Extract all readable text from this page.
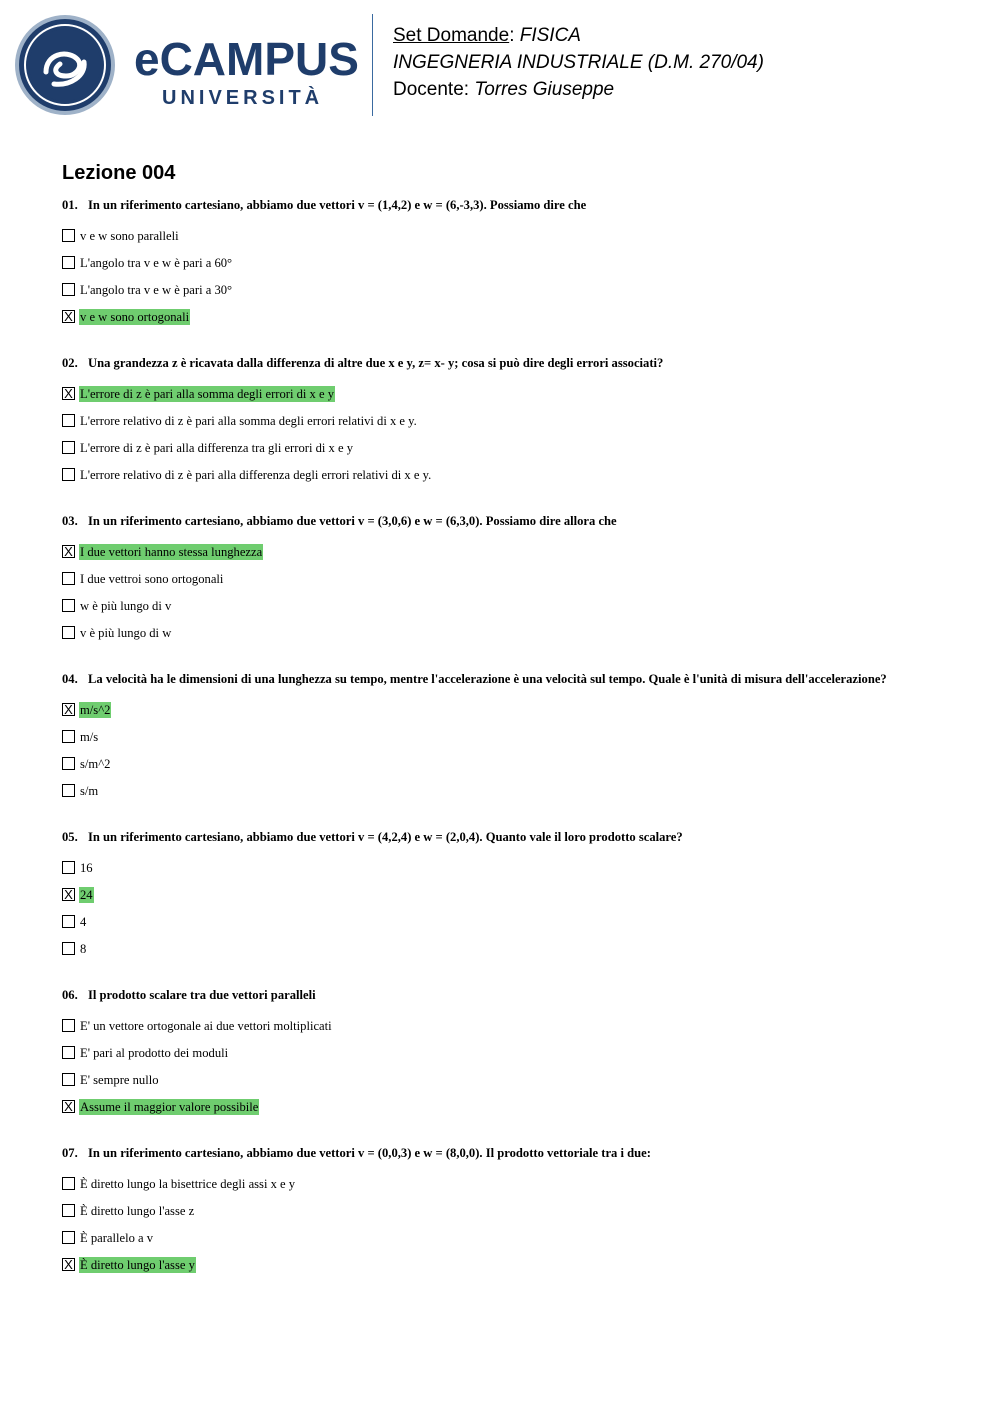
eCAMPUS
UNIVERSITÀ
Set Domande: FISICA
INGEGNERIA INDUSTRIALE (D.M. 270/04)
Docente: Torres Giuseppe
Lezione 004
01. In un riferimento cartesiano, abbiamo due vettori v = (1,4,2) e w = (6,-3,3). Possiamo dire che
v e w sono paralleli
L'angolo tra v e w è pari a 60°
L'angolo tra v e w è pari a 30°
X v e w sono ortogonali
02. Una grandezza z è ricavata dalla differenza di altre due x e y, z= x- y; cosa si può dire degli errori associati?
X L'errore di z è pari alla somma degli errori di x e y
L'errore relativo di z è pari alla somma degli errori relativi di x e y.
L'errore di z è pari alla differenza tra gli errori di x e y
L'errore relativo di z è pari alla differenza degli errori relativi di x e y.
03. In un riferimento cartesiano, abbiamo due vettori v = (3,0,6) e w = (6,3,0). Possiamo dire allora che
X I due vettori hanno stessa lunghezza
I due vettroi sono ortogonali
w è più lungo di v
v è più lungo di w
04. La velocità ha le dimensioni di una lunghezza su tempo, mentre l'accelerazione è una velocità sul tempo. Quale è l'unità di misura dell'accelerazione?
X m/s^2
m/s
s/m^2
s/m
05. In un riferimento cartesiano, abbiamo due vettori v = (4,2,4) e w = (2,0,4). Quanto vale il loro prodotto scalare?
16
X 24
4
8
06. Il prodotto scalare tra due vettori paralleli
E' un vettore ortogonale ai due vettori moltiplicati
E' pari al prodotto dei moduli
E' sempre nullo
X Assume il maggior valore possibile
07. In un riferimento cartesiano, abbiamo due vettori v = (0,0,3) e w = (8,0,0). Il prodotto vettoriale tra i due:
È diretto lungo la bisettrice degli assi x e y
È diretto lungo l'asse z
È parallelo a v
X È diretto lungo l'asse y
